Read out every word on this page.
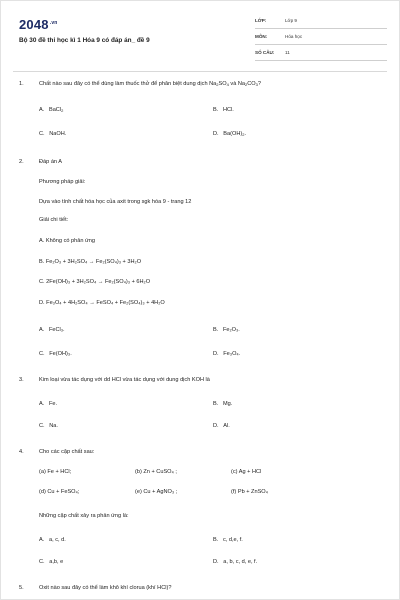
$2048^{.vn}$
Bộ 30 đề thi học kì 1 Hóa 9 có đáp án_ đề 9
LỚP:	Lớp 9
MÔN:	Hóa học
SỐ CÂU: 11
1.	Chất nào sau đây có thể dùng làm thuốc thử để phân biệt dung dịch $Na_2SO_4$ và $Na_2CO_3$?
A. BaCl$_2$	B. HCl.
C. NaOH.	D. $Ba(OH)_2$.
2.	Đáp án A
Phương pháp giải:
Dựa vào tính chất hóa học của axit trong sgk hóa 9 - trang 12
Giải chi tiết:
A. Không có phản ứng
B. Fe₂O₃ + 3H₂SO₄ → Fe₂(SO₄)₃ + 3H₂O
C. 2Fe(OH)₃ + 3H₂SO₄ → Fe₂(SO₄)₃ + 6H₂O
D. Fe₃O₄ + 4H₂SO₄ → FeSO₄ + Fe₂(SO₄)₃ + 4H₂O
A. FeCl₃.	B. Fe₂O₃.
C. Fe(OH)₃.	D. Fe₃O₄.
3.	Kim loại vừa tác dụng với dd HCl vừa tác dụng với dung dịch KOH là
A. Fe.	B. Mg.
C. Na.	D. Al.
4.	Cho các cặp chất sau:
(a) Fe + HCl;	(b) Zn + CuSO₄ ;	(c) Ag + HCl
(d) Cu + FeSO₄;	(e) Cu + AgNO₃ ;	(f) Pb + ZnSO₄
Những cặp chất xảy ra phản ứng là:
A. a, c, d.	B. c, d,e, f.
C. a,b, e	D. a, b, c, d, e, f.
5.	Oxit nào sau đây có thể làm khô khí clorua (khí HCl)?
